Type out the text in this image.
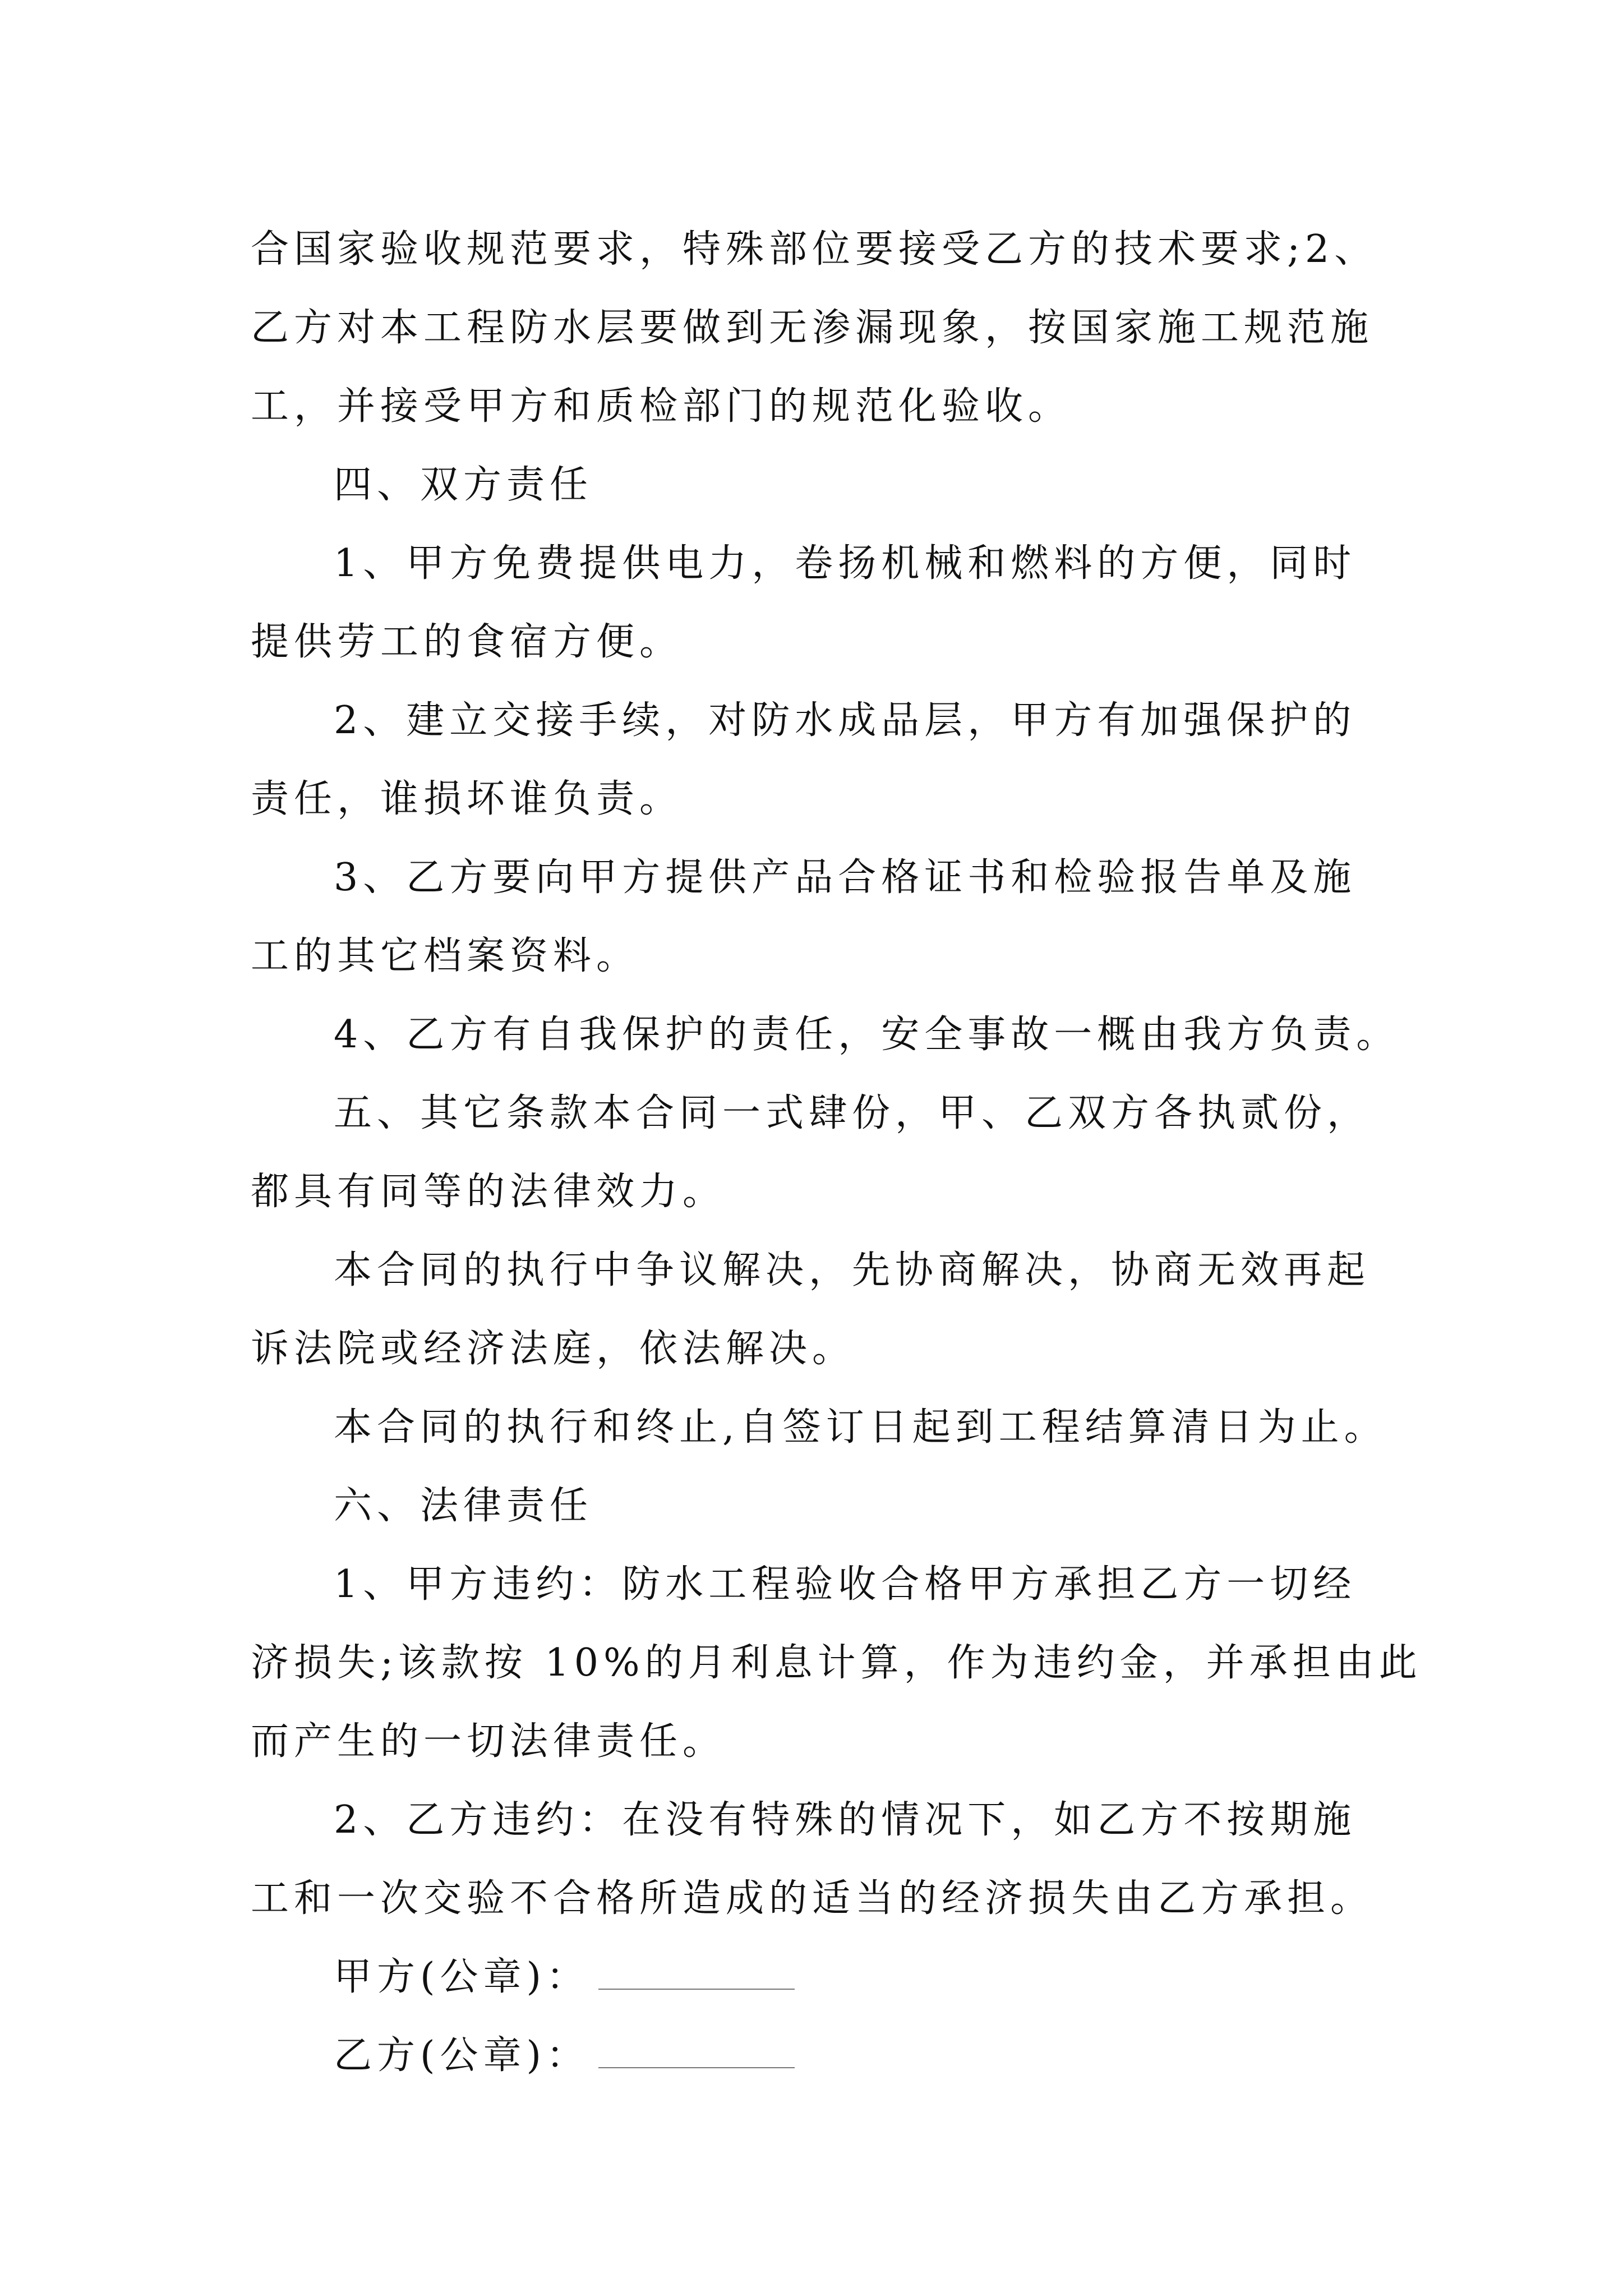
合国家验收规范要求，特殊部位要接受乙方的技术要求;2、

乙方对本工程防水层要做到无渗漏现象，按国家施工规范施

工，并接受甲方和质检部门的规范化验收。

四、双方责任

1、甲方免费提供电力，卷扬机械和燃料的方便，同时

提供劳工的食宿方便。

2、建立交接手续，对防水成品层，甲方有加强保护的

责任，谁损坏谁负责。

3、乙方要向甲方提供产品合格证书和检验报告单及施

工的其它档案资料。

4、乙方有自我保护的责任，安全事故一概由我方负责。

五、其它条款本合同一式肆份，甲、乙双方各执贰份，

都具有同等的法律效力。

本合同的执行中争议解决，先协商解决，协商无效再起

诉法院或经济法庭，依法解决。

本合同的执行和终止,自签订日起到工程结算清日为止。

六、法律责任

1、甲方违约：防水工程验收合格甲方承担乙方一切经

济损失;该款按 10%的月利息计算，作为违约金，并承担由此

而产生的一切法律责任。

2、乙方违约：在没有特殊的情况下，如乙方不按期施

工和一次交验不合格所造成的适当的经济损失由乙方承担。

甲方(公章)：
乙方(公章)：
